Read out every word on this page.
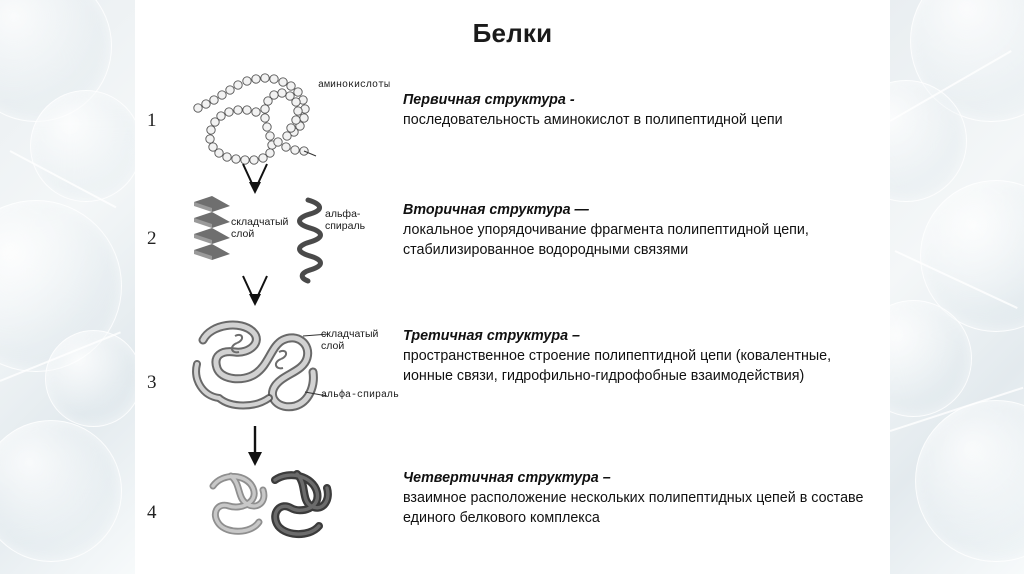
Белки
1
аминокислоты
Первичная структура -
последовательность аминокислот в полипептидной цепи
2
складчатый
слой
альфа-
спираль
Вторичная структура —
локальное упорядочивание фрагмента полипептидной цепи, стабилизированное водородными связями
3
складчатый
слой
альфа-спираль
Третичная структура –
пространственное строение полипептидной цепи (ковалентные, ионные связи, гидрофильно-гидрофобные взаимодействия)
4
Четвертичная структура –
взаимное расположение нескольких полипептидных цепей в составе единого белкового комплекса
